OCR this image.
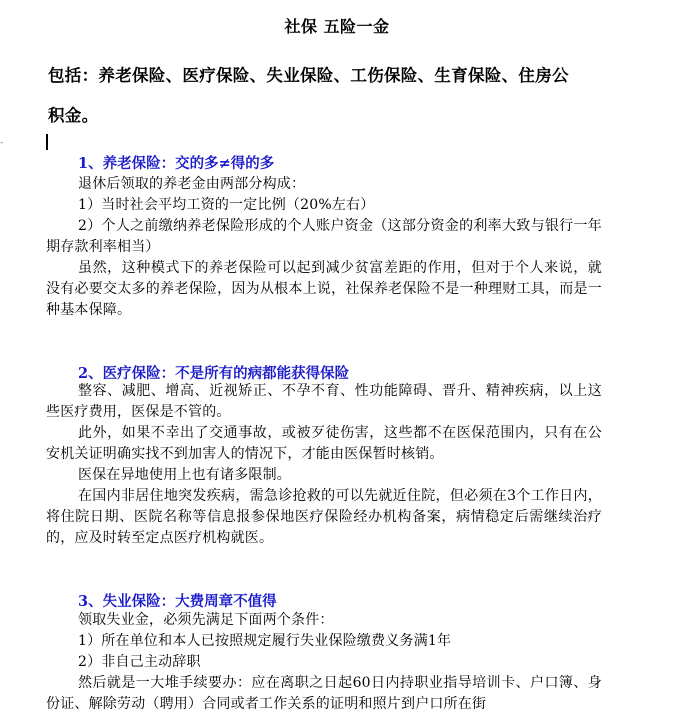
社保 五险一金
包括：养老保险、医疗保险、失业保险、工伤保险、生育保险、住房公
积金。
-
1、养老保险：交的多≠得的多

退休后领取的养老金由两部分构成：

1）当时社会平均工资的一定比例（20%左右）

2）个人之前缴纳养老保险形成的个人账户资金（这部分资金的利率大致与银行一年期存款利率相当）

虽然，这种模式下的养老保险可以起到减少贫富差距的作用，但对于个人来说，就没有必要交太多的养老保险，因为从根本上说，社保养老保险不是一种理财工具，而是一种基本保障。

2、医疗保险：不是所有的病都能获得保险

整容、减肥、增高、近视矫正、不孕不育、性功能障碍、晋升、精神疾病，以上这些医疗费用，医保是不管的。

此外，如果不幸出了交通事故，或被歹徒伤害，这些都不在医保范围内，只有在公安机关证明确实找不到加害人的情况下，才能由医保暂时核销。

医保在异地使用上也有诸多限制。

在国内非居住地突发疾病，需急诊抢救的可以先就近住院，但必须在3个工作日内，将住院日期、医院名称等信息报参保地医疗保险经办机构备案，病情稳定后需继续治疗的，应及时转至定点医疗机构就医。

3、失业保险：大费周章不值得

领取失业金，必须先满足下面两个条件：

1）所在单位和本人已按照规定履行失业保险缴费义务满1年

2）非自己主动辞职

然后就是一大堆手续要办：应在离职之日起60日内持职业指导培训卡、户口簿、身份证、解除劳动（聘用）合同或者工作关系的证明和照片到户口所在街
